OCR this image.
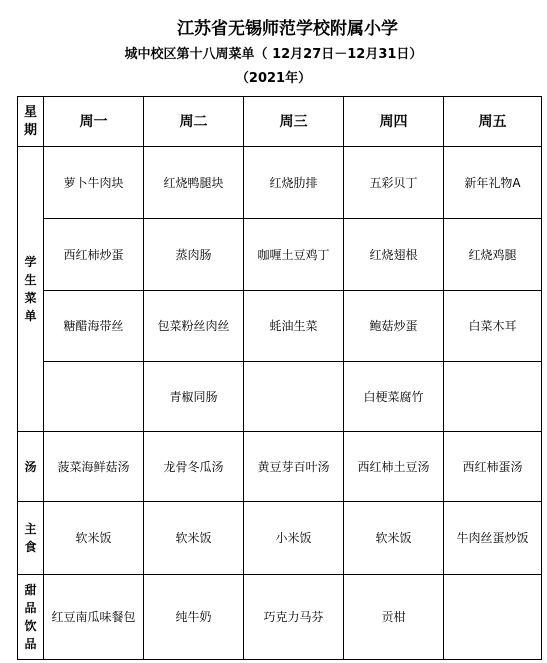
江苏省无锡师范学校附属小学
城中校区第十八周菜单（ 12月27日－12月31日）
（2021年）
星期	周一	周二	周三	周四	周五
学生菜单	萝卜牛肉块	红烧鸭腿块	红烧肋排	五彩贝丁	新年礼物A
	西红柿炒蛋	蒸肉肠	咖喱土豆鸡丁	红烧翅根	红烧鸡腿
	糖醋海带丝	包菜粉丝肉丝	蚝油生菜	鲍菇炒蛋	白菜木耳
		青椒同肠		白梗菜腐竹	
汤	菠菜海鲜菇汤	龙骨冬瓜汤	黄豆芽百叶汤	西红柿土豆汤	西红柿蛋汤
主食	软米饭	软米饭	小米饭	软米饭	牛肉丝蛋炒饭
甜品饮品	红豆南瓜味餐包	纯牛奶	巧克力马芬	贡柑	
